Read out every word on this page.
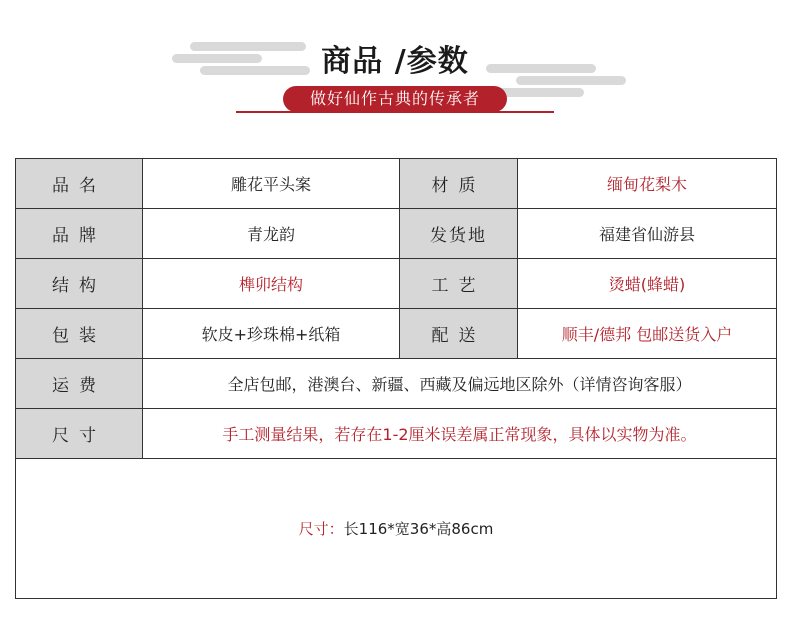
商品 /参数
做好仙作古典的传承者
品名	雕花平头案	材质	缅甸花梨木
品牌	青龙韵	发货地	福建省仙游县
结构	榫卯结构	工艺	烫蜡(蜂蜡)
包装	软皮+珍珠棉+纸箱	配送	顺丰/德邦 包邮送货入户
运费	全店包邮，港澳台、新疆、西藏及偏远地区除外（详情咨询客服）		
尺寸	手工测量结果，若存在1-2厘米误差属正常现象，具体以实物为准。		
尺寸：长116*宽36*高86cm			
